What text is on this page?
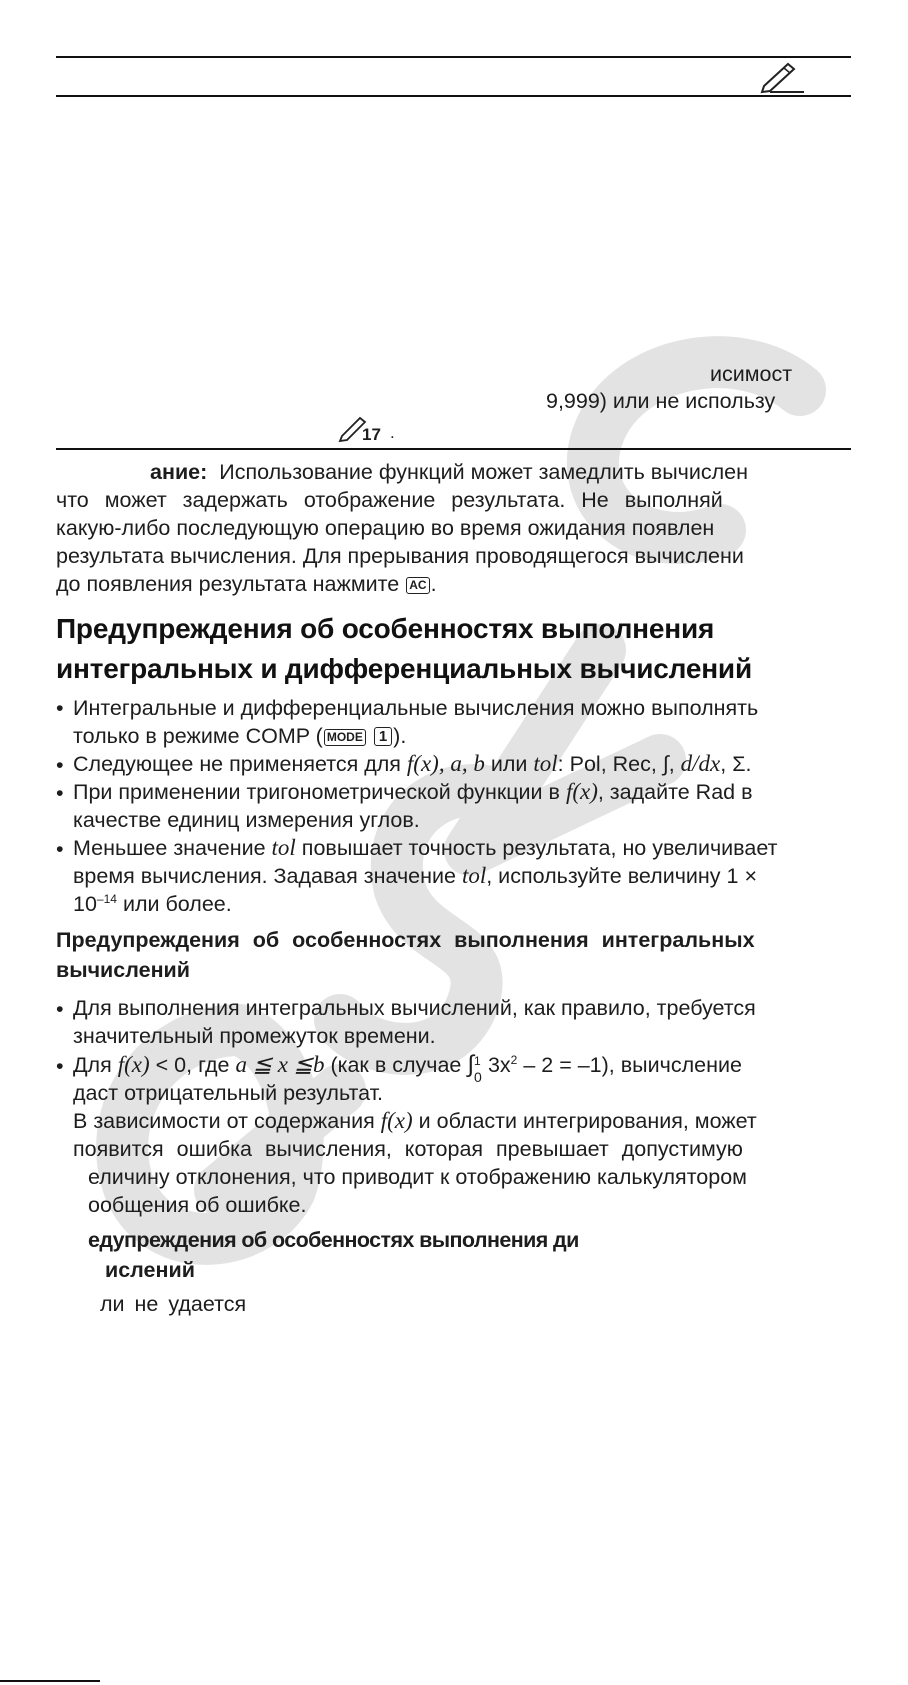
исимост
9,999) или не использу
17 .
ание: Использование функций может замедлить вычислен
что может задержать отображение результата. Не выполняй
какую-либо последующую операцию во время ожидания появлен
результата вычисления. Для прерывания проводящегося вычислени
до появления результата нажмите AC .
Предупреждения об особенностях выполнения
интегральных и дифференциальных вычислений
• Интегральные и дифференциальные вычисления можно выполнять
только в режиме COMP ( MODE 1 ).
• Следующее не применяется для f(x), a, b или tol: Pol, Rec, ∫, d/dx, Σ.
• При применении тригонометрической функции в f(x), задайте Rad в
качестве единиц измерения углов.
• Меньшее значение tol повышает точность результата, но увеличивает
время вычисления. Задавая значение tol, используйте величину 1 ×
$10^{-14}$ или более.
Предупреждения об особенностях выполнения интегральных
вычислений
• Для выполнения интегральных вычислений, как правило, требуется
значительный промежуток времени.
• Для f(x) < 0, где a ≦ x ≦b (как в случае ∫ 1
0 $3x^2 - 2 = -1$), выичсление
даст отрицательный результат.
В зависимости от содержания f(x) и области интегрирования, может
появится ошибка вычисления, которая превышает допустимую
еличину отклонения, что приводит к отображению калькулятором
ообщения об ошибке.
едупреждения об особенностях выполнения ди
ислений
ли не удается
